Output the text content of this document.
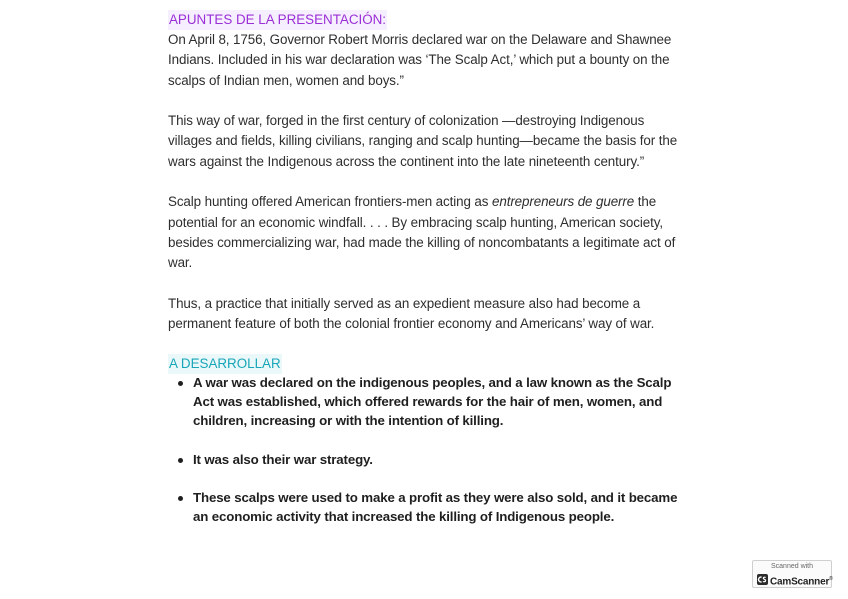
APUNTES DE LA PRESENTACIÓN:

On April 8, 1756, Governor Robert Morris declared war on the Delaware and Shawnee Indians. Included in his war declaration was ‘The Scalp Act,’ which put a bounty on the scalps of Indian men, women and boys.”

This way of war, forged in the first century of colonization —destroying Indigenous villages and fields, killing civilians, ranging and scalp hunting—became the basis for the wars against the Indigenous across the continent into the late nineteenth century.”

Scalp hunting offered American frontiers-men acting as entrepreneurs de guerre the potential for an economic windfall. . . . By embracing scalp hunting, American society, besides commercializing war, had made the killing of noncombatants a legitimate act of war.

Thus, a practice that initially served as an expedient measure also had become a permanent feature of both the colonial frontier economy and Americans’ way of war.

A DESARROLLAR
A war was declared on the indigenous peoples, and a law known as the Scalp Act was established, which offered rewards for the hair of men, women, and children, increasing or with the intention of killing.
It was also their war strategy.
These scalps were used to make a profit as they were also sold, and it became an economic activity that increased the killing of Indigenous people.
Scanned with
CamScanner®
